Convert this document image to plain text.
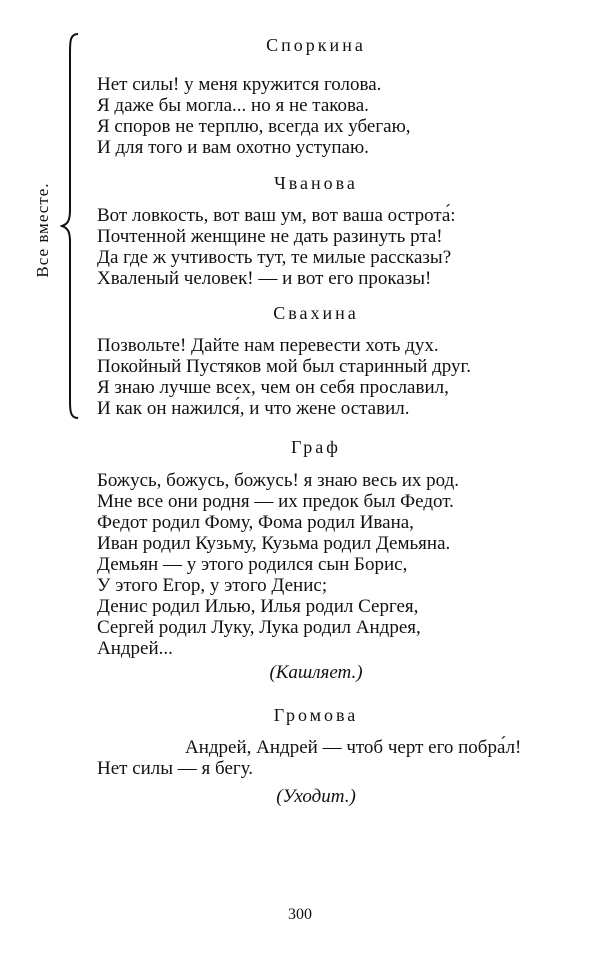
Все вместе.
Споркина
Нет силы! у меня кружится голова.
Я даже бы могла... но я не такова.
Я споров не терплю, всегда их убегаю,
И для того и вам охотно уступаю.
Чванова
Вот ловкость, вот ваш ум, вот ваша острота́:
Почтенной женщине не дать разинуть рта!
Да где ж учтивость тут, те милые рассказы?
Хваленый человек! — и вот его проказы!
Свахина
Позвольте! Дайте нам перевести хоть дух.
Покойный Пустяков мой был старинный друг.
Я знаю лучше всех, чем он себя прославил,
И как он нажился́, и что жене оставил.
Граф
Божусь, божусь, божусь! я знаю весь их род.
Мне все они родня — их предок был Федот.
Федот родил Фому, Фома родил Ивана,
Иван родил Кузьму, Кузьма родил Демьяна.
Демьян — у этого родился сын Борис,
У этого Егор, у этого Денис;
Денис родил Илью, Илья родил Сергея,
Сергей родил Луку, Лука родил Андрея,
Андрей...
(Кашляет.)
Громова
Андрей, Андрей — чтоб черт его побра́л!
Нет силы — я бегу.
(Уходит.)
300
